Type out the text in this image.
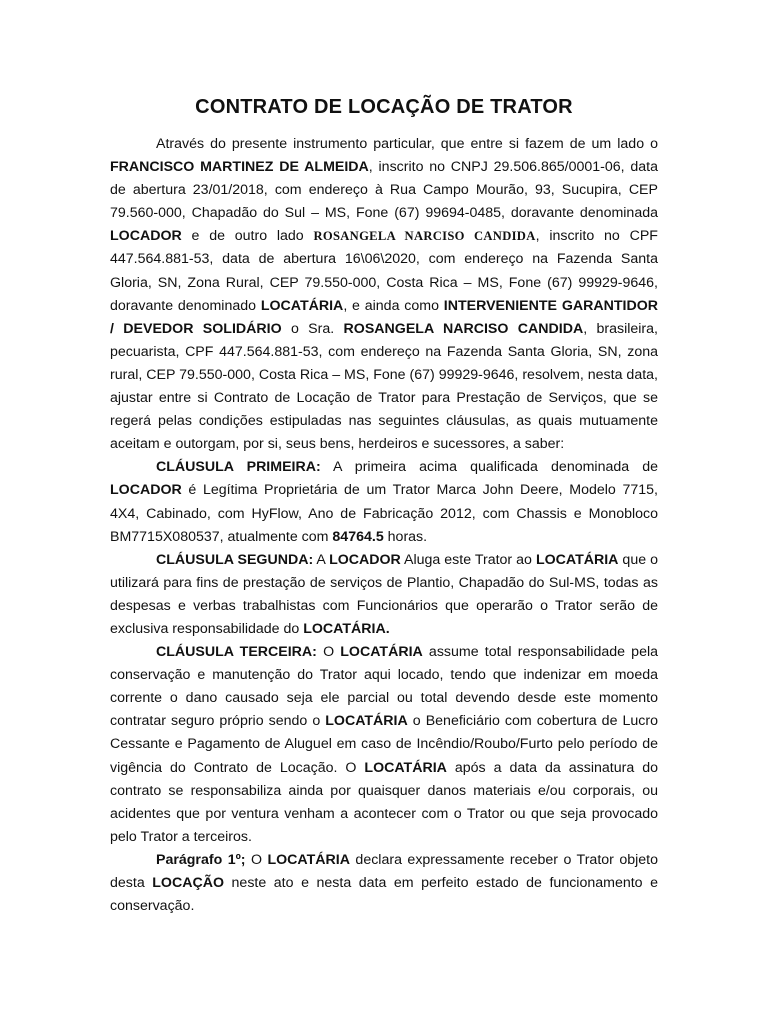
CONTRATO DE LOCAÇÃO DE TRATOR

Através do presente instrumento particular, que entre si fazem de um lado o FRANCISCO MARTINEZ DE ALMEIDA, inscrito no CNPJ 29.506.865/0001-06, data de abertura 23/01/2018, com endereço à Rua Campo Mourão, 93, Sucupira, CEP 79.560-000, Chapadão do Sul – MS, Fone (67) 99694-0485, doravante denominada LOCADOR e de outro lado ROSANGELA NARCISO CANDIDA, inscrito no CPF 447.564.881-53, data de abertura 16\06\2020, com endereço na Fazenda Santa Gloria, SN, Zona Rural, CEP 79.550-000, Costa Rica – MS, Fone (67) 99929-9646, doravante denominado LOCATÁRIA, e ainda como INTERVENIENTE GARANTIDOR / DEVEDOR SOLIDÁRIO o Sra. ROSANGELA NARCISO CANDIDA, brasileira, pecuarista, CPF 447.564.881-53, com endereço na Fazenda Santa Gloria, SN, zona rural, CEP 79.550-000, Costa Rica – MS, Fone (67) 99929-9646, resolvem, nesta data, ajustar entre si Contrato de Locação de Trator para Prestação de Serviços, que se regerá pelas condições estipuladas nas seguintes cláusulas, as quais mutuamente aceitam e outorgam, por si, seus bens, herdeiros e sucessores, a saber:

CLÁUSULA PRIMEIRA: A primeira acima qualificada denominada de LOCADOR é Legítima Proprietária de um Trator Marca John Deere, Modelo 7715, 4X4, Cabinado, com HyFlow, Ano de Fabricação 2012, com Chassis e Monobloco BM7715X080537, atualmente com 84764.5 horas.

CLÁUSULA SEGUNDA: A LOCADOR Aluga este Trator ao LOCATÁRIA que o utilizará para fins de prestação de serviços de Plantio, Chapadão do Sul-MS, todas as despesas e verbas trabalhistas com Funcionários que operarão o Trator serão de exclusiva responsabilidade do LOCATÁRIA.

CLÁUSULA TERCEIRA: O LOCATÁRIA assume total responsabilidade pela conservação e manutenção do Trator aqui locado, tendo que indenizar em moeda corrente o dano causado seja ele parcial ou total devendo desde este momento contratar seguro próprio sendo o LOCATÁRIA o Beneficiário com cobertura de Lucro Cessante e Pagamento de Aluguel em caso de Incêndio/Roubo/Furto pelo período de vigência do Contrato de Locação. O LOCATÁRIA após a data da assinatura do contrato se responsabiliza ainda por quaisquer danos materiais e/ou corporais, ou acidentes que por ventura venham a acontecer com o Trator ou que seja provocado pelo Trator a terceiros.

Parágrafo 1º; O LOCATÁRIA declara expressamente receber o Trator objeto desta LOCAÇÃO neste ato e nesta data em perfeito estado de funcionamento e conservação.
